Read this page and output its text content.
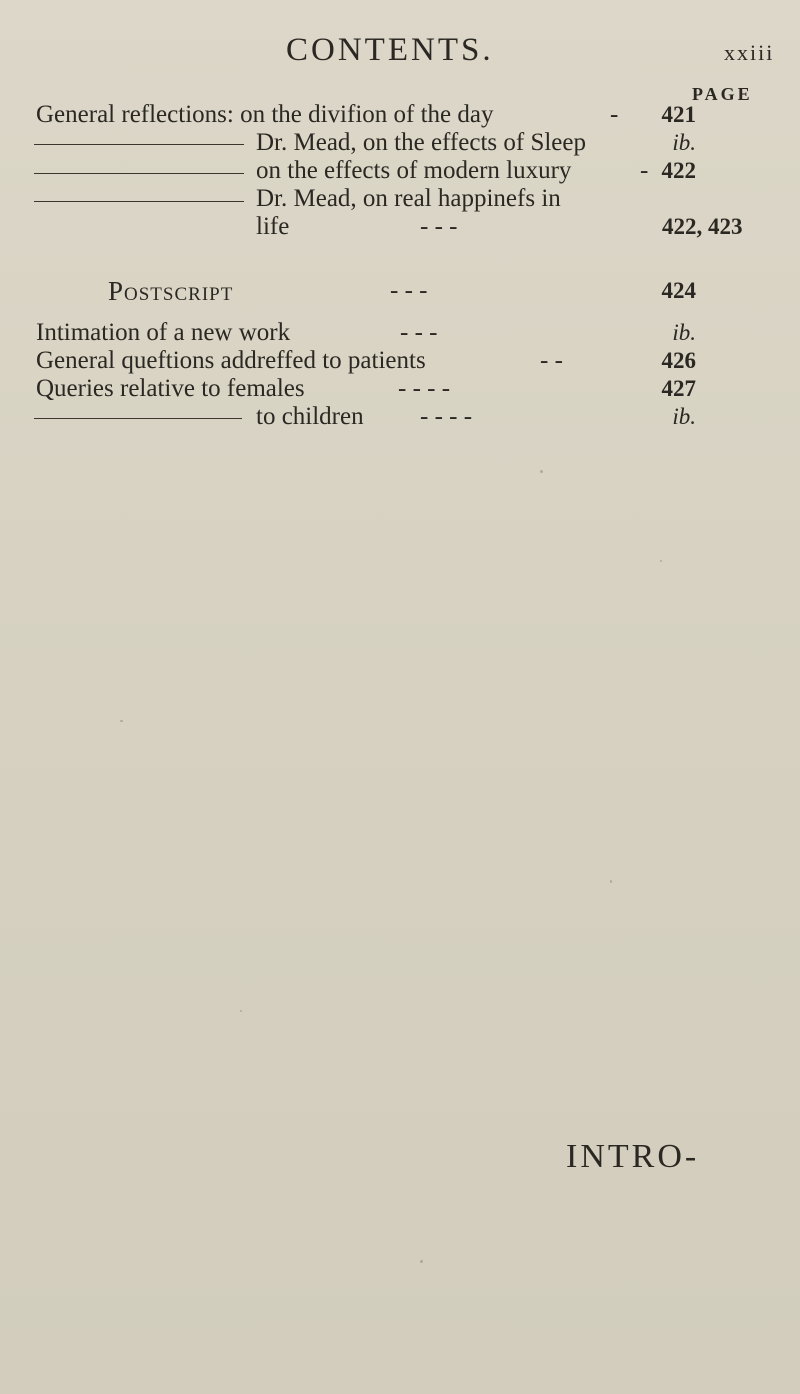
CONTENTS.	xxiii
PAGE
General reflections: on the divifion of the day	-	421
Dr. Mead, on the effects of Sleep	ib.
on the effects of modern luxury	- 422
Dr. Mead, on real happinefs in
life	- - -	422, 423
Postscript	- - -	424
Intimation of a new work	- - -	ib.
General queftions addreffed to patients	- -	426
Queries relative to females	- - - -	427
to children - - - -	ib.
INTRO-
